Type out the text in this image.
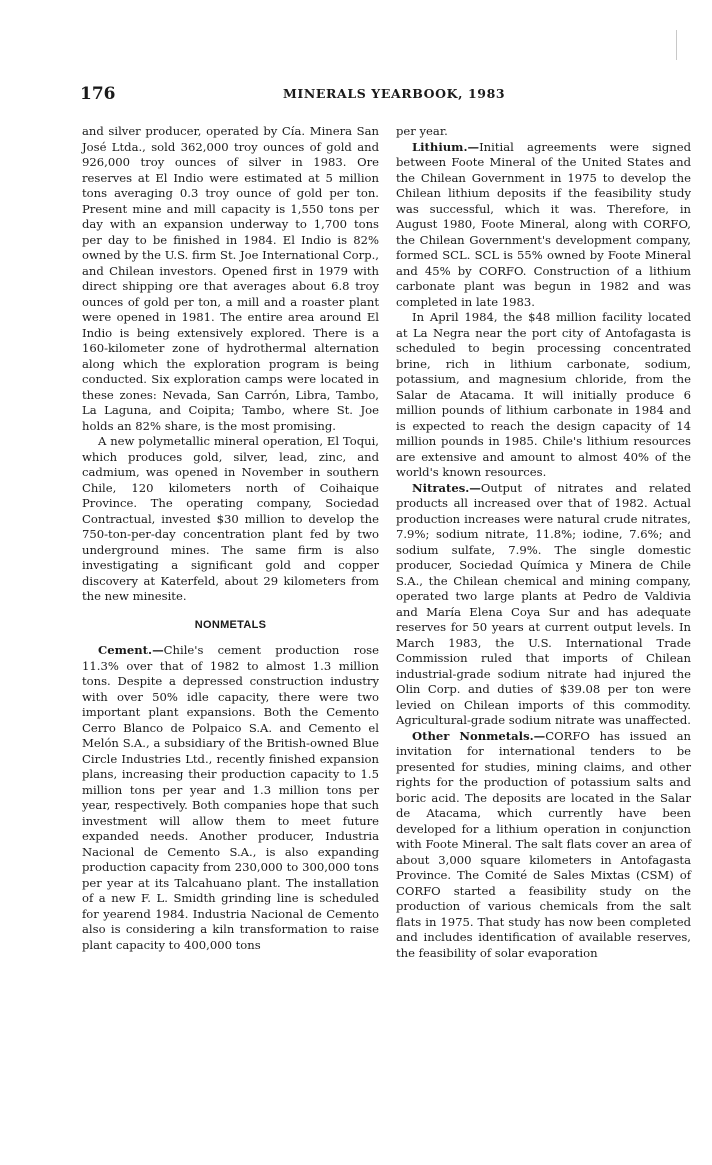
176	MINERALS YEARBOOK, 1983

and silver producer, operated by Cía. Minera San José Ltda., sold 362,000 troy ounces of gold and 926,000 troy ounces of silver in 1983. Ore reserves at El Indio were estimated at 5 million tons averaging 0.3 troy ounce of gold per ton. Present mine and mill capacity is 1,550 tons per day with an expansion underway to 1,700 tons per day to be finished in 1984. El Indio is 82% owned by the U.S. firm St. Joe International Corp., and Chilean investors. Opened first in 1979 with direct shipping ore that averages about 6.8 troy ounces of gold per ton, a mill and a roaster plant were opened in 1981. The entire area around El Indio is being extensively explored. There is a 160-kilometer zone of hydrothermal alternation along which the exploration program is being conducted. Six exploration camps were located in these zones: Nevada, San Carrón, Libra, Tambo, La Laguna, and Coipita; Tambo, where St. Joe holds an 82% share, is the most promising.

A new polymetallic mineral operation, El Toqui, which produces gold, silver, lead, zinc, and cadmium, was opened in November in southern Chile, 120 kilometers north of Coihaique Province. The operating company, Sociedad Contractual, invested $30 million to develop the 750-ton-per-day concentration plant fed by two underground mines. The same firm is also investigating a significant gold and copper discovery at Katerfeld, about 29 kilometers from the new minesite.

NONMETALS

Cement.—Chile's cement production rose 11.3% over that of 1982 to almost 1.3 million tons. Despite a depressed construction industry with over 50% idle capacity, there were two important plant expansions. Both the Cemento Cerro Blanco de Polpaico S.A. and Cemento el Melón S.A., a subsidiary of the British-owned Blue Circle Industries Ltd., recently finished expansion plans, increasing their production capacity to 1.5 million tons per year and 1.3 million tons per year, respectively. Both companies hope that such investment will allow them to meet future expanded needs. Another producer, Industria Nacional de Cemento S.A., is also expanding production capacity from 230,000 to 300,000 tons per year at its Talcahuano plant. The installation of a new F. L. Smidth grinding line is scheduled for yearend 1984. Industria Nacional de Cemento also is considering a kiln transformation to raise plant capacity to 400,000 tons

per year.

Lithium.—Initial agreements were signed between Foote Mineral of the United States and the Chilean Government in 1975 to develop the Chilean lithium deposits if the feasibility study was successful, which it was. Therefore, in August 1980, Foote Mineral, along with CORFO, the Chilean Government's development company, formed SCL. SCL is 55% owned by Foote Mineral and 45% by CORFO. Construction of a lithium carbonate plant was begun in 1982 and was completed in late 1983.

In April 1984, the $48 million facility located at La Negra near the port city of Antofagasta is scheduled to begin processing concentrated brine, rich in lithium carbonate, sodium, potassium, and magnesium chloride, from the Salar de Atacama. It will initially produce 6 million pounds of lithium carbonate in 1984 and is expected to reach the design capacity of 14 million pounds in 1985. Chile's lithium resources are extensive and amount to almost 40% of the world's known resources.

Nitrates.—Output of nitrates and related products all increased over that of 1982. Actual production increases were natural crude nitrates, 7.9%; sodium nitrate, 11.8%; iodine, 7.6%; and sodium sulfate, 7.9%. The single domestic producer, Sociedad Química y Minera de Chile S.A., the Chilean chemical and mining company, operated two large plants at Pedro de Valdivia and María Elena Coya Sur and has adequate reserves for 50 years at current output levels. In March 1983, the U.S. International Trade Commission ruled that imports of Chilean industrial-grade sodium nitrate had injured the Olin Corp. and duties of $39.08 per ton were levied on Chilean imports of this commodity. Agricultural-grade sodium nitrate was unaffected.

Other Nonmetals.—CORFO has issued an invitation for international tenders to be presented for studies, mining claims, and other rights for the production of potassium salts and boric acid. The deposits are located in the Salar de Atacama, which currently have been developed for a lithium operation in conjunction with Foote Mineral. The salt flats cover an area of about 3,000 square kilometers in Antofagasta Province. The Comité de Sales Mixtas (CSM) of CORFO started a feasibility study on the production of various chemicals from the salt flats in 1975. That study has now been completed and includes identification of available reserves, the feasibility of solar evaporation
